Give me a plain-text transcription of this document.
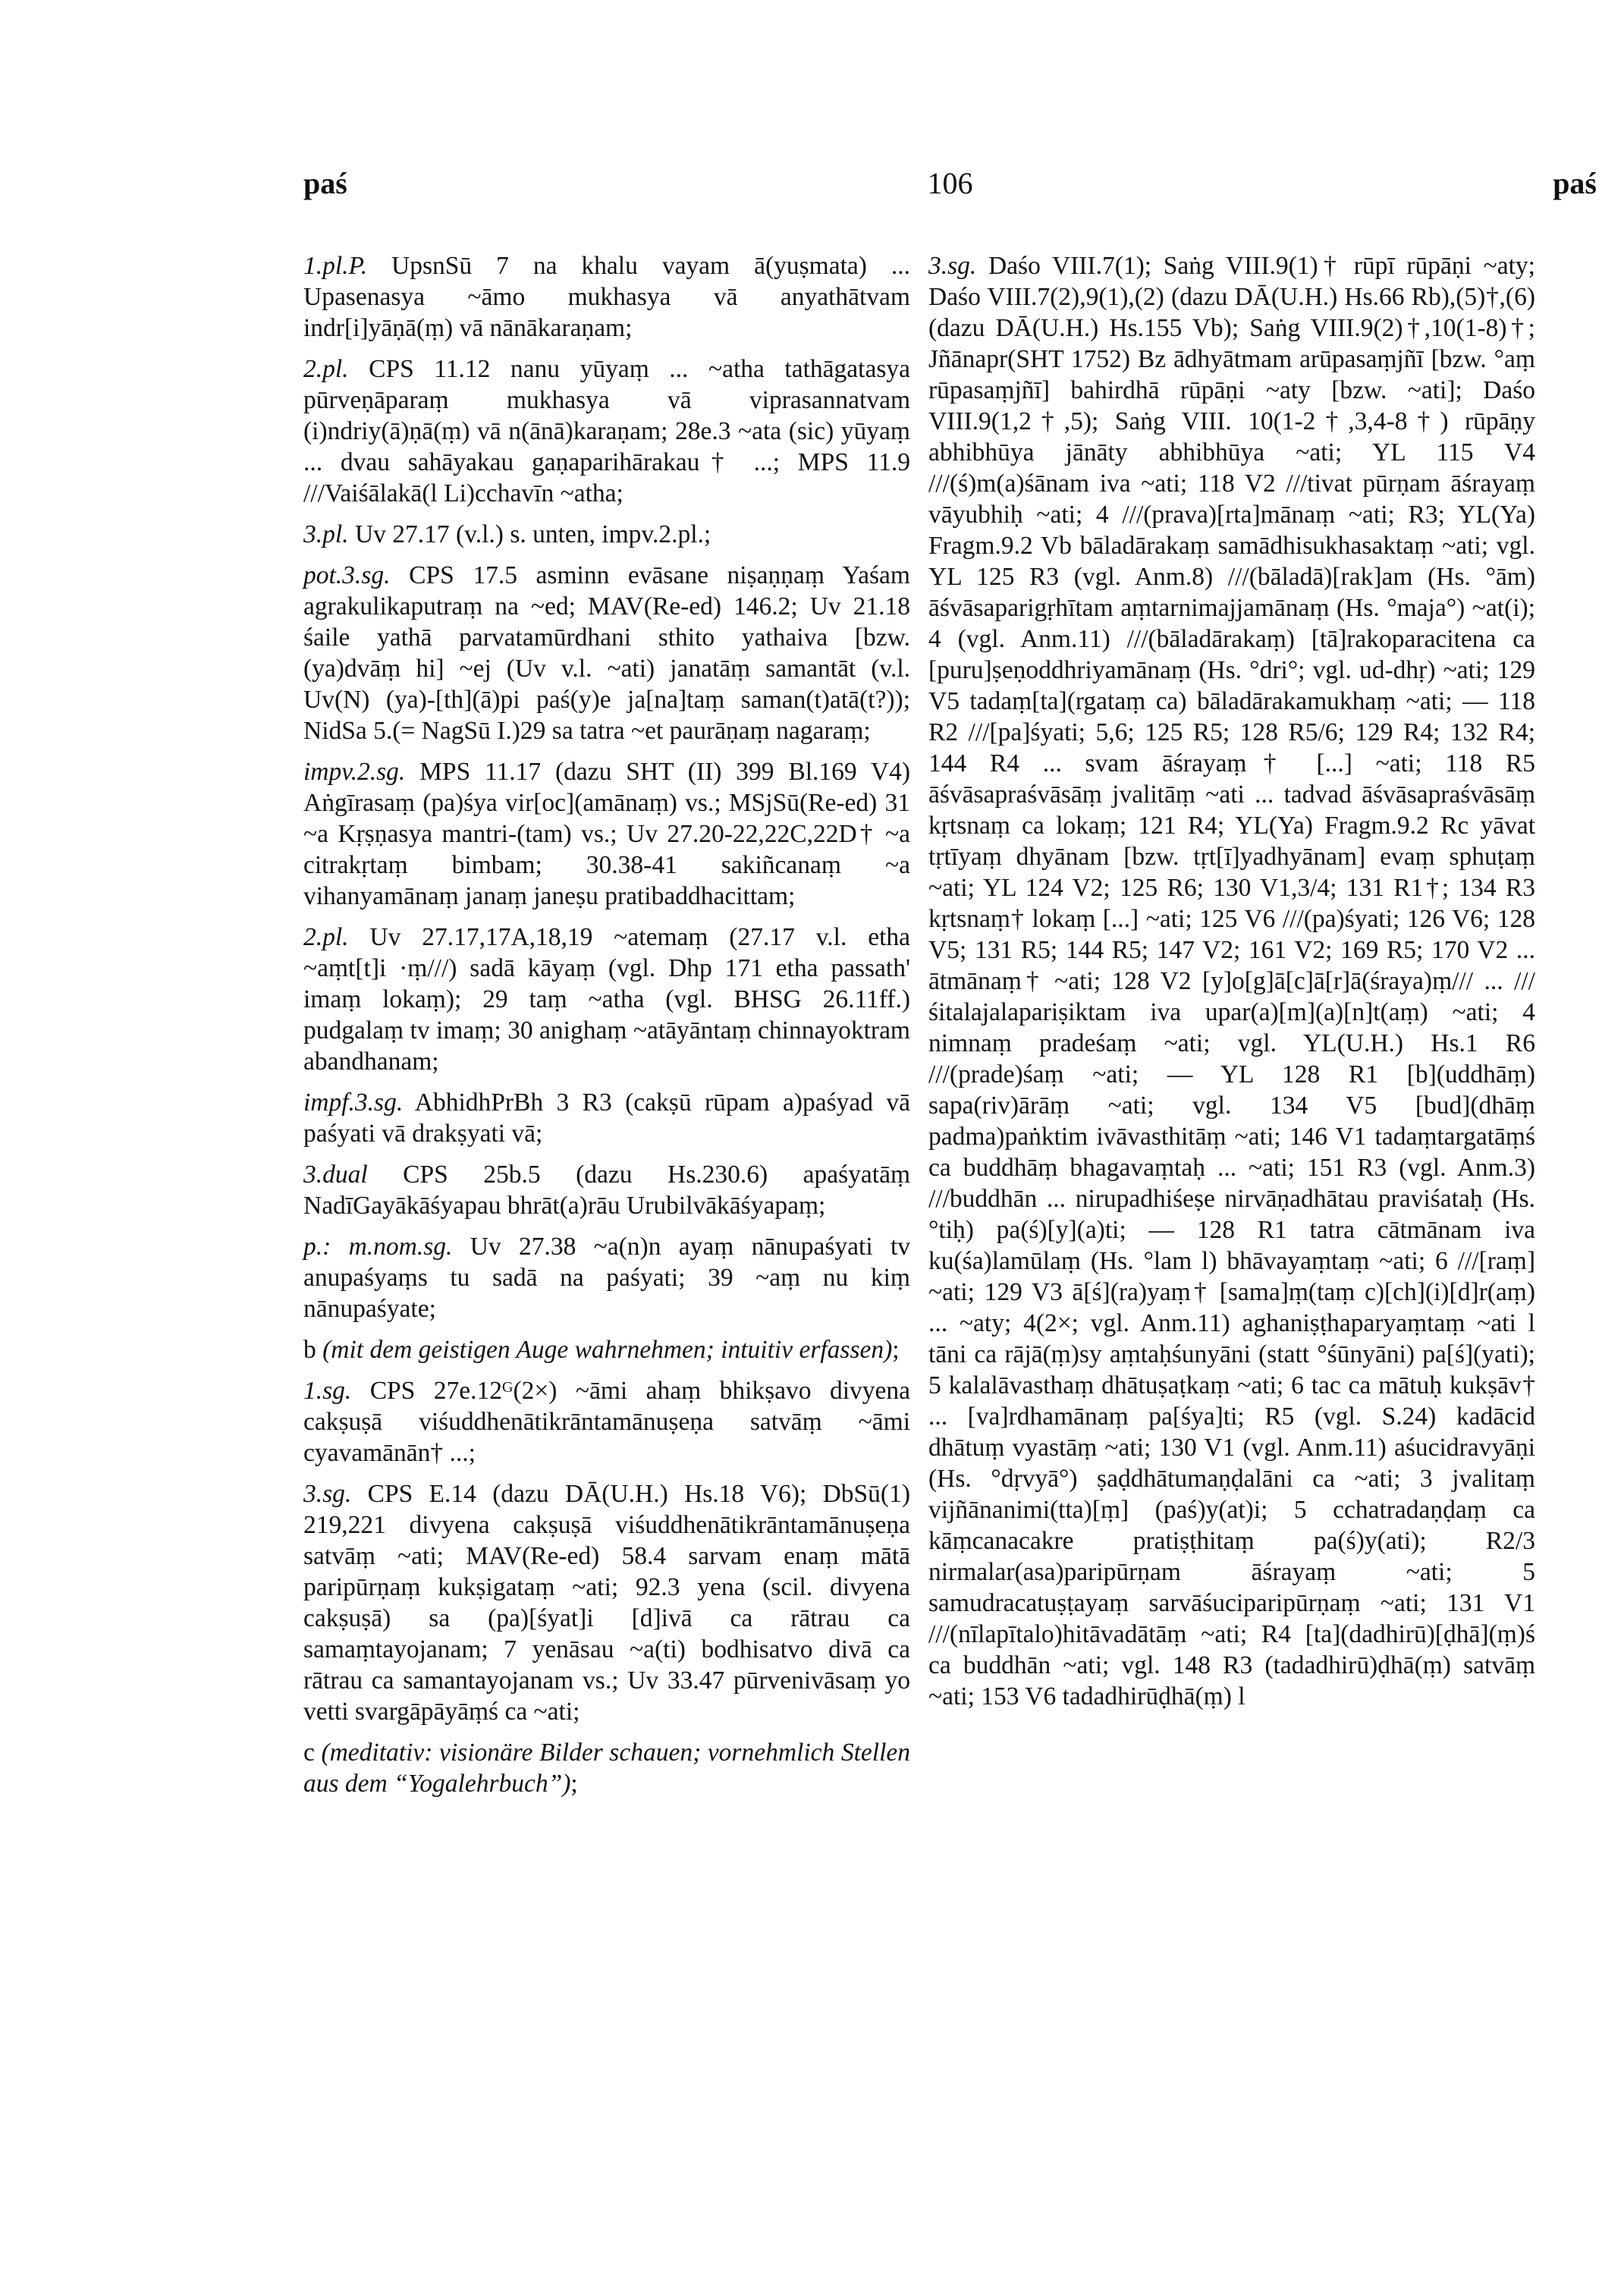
paś	106	paś

1.pl.P. UpsnSū 7 na khalu vayam ā(yuṣmata) ... Upasenasya ~āmo mukhasya vā anyathātvam indr[i]yāṇā(ṃ) vā nānākaraṇam;

2.pl. CPS 11.12 nanu yūyaṃ ... ~atha tathāgatasya pūrveṇāparaṃ mukhasya vā viprasannatvam (i)ndriy(ā)ṇā(ṃ) vā n(ānā)karaṇam; 28e.3 ~ata (sic) yūyaṃ ... dvau sahāyakau gaṇaparihārakau† ...; MPS 11.9 ///Vaiśālakā(l Li)cchavīn ~atha;

3.pl. Uv 27.17 (v.l.) s. unten, impv.2.pl.;

pot.3.sg. CPS 17.5 asminn evāsane niṣaṇṇaṃ Yaśam agrakulikaputraṃ na ~ed; MAV(Re-ed) 146.2; Uv 21.18 śaile yathā parvatamūrdhani sthito yathaiva [bzw. (ya)dvāṃ hi] ~ej (Uv v.l. ~ati) janatāṃ samantāt (v.l. Uv(N) (ya)-[th](ā)pi paś(y)e ja[na]taṃ saman(t)atā(t?)); NidSa 5.(= NagSū I.)29 sa tatra ~et paurāṇaṃ nagaraṃ;

impv.2.sg. MPS 11.17 (dazu SHT (II) 399 Bl.169 V4) Aṅgīrasaṃ (pa)śya vir[oc](amānaṃ) vs.; MSjSū(Re-ed) 31 ~a Kṛṣṇasya mantri-(tam) vs.; Uv 27.20-22,22C,22D† ~a citrakṛtaṃ bimbam; 30.38-41 sakiñcanaṃ ~a vihanyamānaṃ janaṃ janeṣu pratibaddhacittam;

2.pl. Uv 27.17,17A,18,19 ~atemaṃ (27.17 v.l. etha ~aṃt[t]i ·ṃ///) sadā kāyaṃ (vgl. Dhp 171 etha passath' imaṃ lokaṃ); 29 taṃ ~atha (vgl. BHSG 26.11ff.) pudgalaṃ tv imaṃ; 30 anighaṃ ~atāyāntaṃ chinnayoktram abandhanam;

impf.3.sg. AbhidhPrBh 3 R3 (cakṣū rūpam a)paśyad vā paśyati vā drakṣyati vā;

3.dual CPS 25b.5 (dazu Hs.230.6) apaśyatāṃ NadīGayākāśyapau bhrāt(a)rāu Urubilvākāśyapaṃ;

p.: m.nom.sg. Uv 27.38 ~a(n)n ayaṃ nānupaśyati tv anupaśyaṃs tu sadā na paśyati; 39 ~aṃ nu kiṃ nānupaśyate;

b (mit dem geistigen Auge wahrnehmen; intuitiv erfassen);

1.sg. CPS 27e.12ᴳ(2×) ~āmi ahaṃ bhikṣavo divyena cakṣuṣā viśuddhenātikrāntamānuṣeṇa satvāṃ ~āmi cyavamānān† ...;

3.sg. CPS E.14 (dazu DĀ(U.H.) Hs.18 V6); DbSū(1) 219,221 divyena cakṣuṣā viśuddhenātikrāntamānuṣeṇa satvāṃ ~ati; MAV(Re-ed) 58.4 sarvam enaṃ mātā paripūrṇaṃ kukṣigataṃ ~ati; 92.3 yena (scil. divyena cakṣuṣā) sa (pa)[śyat]i [d]ivā ca rātrau ca samaṃtayojanam; 7 yenāsau ~a(ti) bodhisatvo divā ca rātrau ca samantayojanam vs.; Uv 33.47 pūrvenivāsaṃ yo vetti svargāpāyāṃś ca ~ati;

c (meditativ: visionäre Bilder schauen; vornehmlich Stellen aus dem “Yogalehrbuch”);

3.sg. Daśo VIII.7(1); Saṅg VIII.9(1)† rūpī rūpāṇi ~aty; Daśo VIII.7(2),9(1),(2) (dazu DĀ(U.H.) Hs.66 Rb),(5)†,(6) (dazu DĀ(U.H.) Hs.155 Vb); Saṅg VIII.9(2)†,10(1-8)†; Jñānapr(SHT 1752) Bz ādhyātmam arūpasaṃjñī [bzw. °aṃ rūpasaṃjñī] bahirdhā rūpāṇi ~aty [bzw. ~ati]; Daśo VIII.9(1,2†,5); Saṅg VIII. 10(1-2†,3,4-8†) rūpāṇy abhibhūya jānāty abhibhūya ~ati; YL 115 V4 ///(ś)m(a)śānam iva ~ati; 118 V2 ///tivat pūrṇam āśrayaṃ vāyubhiḥ ~ati; 4 ///(prava)[rta]mānaṃ ~ati; R3; YL(Ya) Fragm.9.2 Vb bāladārakaṃ samādhisukhasaktaṃ ~ati; vgl. YL 125 R3 (vgl. Anm.8) ///(bāladā)[rak]am (Hs. °ām) āśvāsaparigṛhītam aṃtarnimajjamānaṃ (Hs. °maja°) ~at(i); 4 (vgl. Anm.11) ///(bāladārakaṃ) [tā]rakoparacitena ca [puru]ṣeṇoddhriyamānaṃ (Hs. °dri°; vgl. ud-dhṛ) ~ati; 129 V5 tadaṃ[ta](rgataṃ ca) bāladārakamukhaṃ ~ati; — 118 R2 ///[pa]śyati; 5,6; 125 R5; 128 R5/6; 129 R4; 132 R4; 144 R4 ... svam āśrayaṃ† [...] ~ati; 118 R5 āśvāsapraśvāsāṃ jvalitāṃ ~ati ... tadvad āśvāsapraśvāsāṃ kṛtsnaṃ ca lokaṃ; 121 R4; YL(Ya) Fragm.9.2 Rc yāvat tṛtīyaṃ dhyānam [bzw. tṛt[ī]yadhyānam] evaṃ sphuṭaṃ ~ati; YL 124 V2; 125 R6; 130 V1,3/4; 131 R1†; 134 R3 kṛtsnaṃ† lokaṃ [...] ~ati; 125 V6 ///(pa)śyati; 126 V6; 128 V5; 131 R5; 144 R5; 147 V2; 161 V2; 169 R5; 170 V2 ... ātmānaṃ† ~ati; 128 V2 [y]o[g]ā[c]ā[r]ā(śraya)ṃ/// ... ///śitalajalapariṣiktam iva upar(a)[m](a)[n]t(aṃ) ~ati; 4 nimnaṃ pradeśaṃ ~ati; vgl. YL(U.H.) Hs.1 R6 ///(prade)śaṃ ~ati; — YL 128 R1 [b](uddhāṃ) sapa(riv)ārāṃ ~ati; vgl. 134 V5 [bud](dhāṃ padma)paṅktim ivāvasthitāṃ ~ati; 146 V1 tadaṃtargatāṃś ca buddhāṃ bhagavaṃtaḥ ... ~ati; 151 R3 (vgl. Anm.3) ///buddhān ... nirupadhiśeṣe nirvāṇadhātau praviśataḥ (Hs. °tiḥ) pa(ś)[y](a)ti; — 128 R1 tatra cātmānam iva ku(śa)lamūlaṃ (Hs. °lam l) bhāvayaṃtaṃ ~ati; 6 ///[raṃ] ~ati; 129 V3 ā[ś](ra)yaṃ† [sama]ṃ(taṃ c)[ch](i)[d]r(aṃ) ... ~aty; 4(2×; vgl. Anm.11) aghaniṣṭhaparyaṃtaṃ ~ati l tāni ca rājā(ṃ)sy aṃtaḥśunyāni (statt °śūnyāni) pa[ś](yati); 5 kalalāvasthaṃ dhātuṣaṭkaṃ ~ati; 6 tac ca mātuḥ kukṣāv† ... [va]rdhamānaṃ pa[śya]ti; R5 (vgl. S.24) kadācid dhātuṃ vyastāṃ ~ati; 130 V1 (vgl. Anm.11) aśucidravyāṇi (Hs. °dṛvyā°) ṣaḍdhātumaṇḍalāni ca ~ati; 3 jvalitaṃ vijñānanimi(tta)[ṃ] (paś)y(at)i; 5 cchatradaṇḍaṃ ca kāṃcanacakre pratiṣṭhitaṃ pa(ś)y(ati); R2/3 nirmalar(asa)paripūrṇam āśrayaṃ ~ati; 5 samudracatuṣṭayaṃ sarvāśuciparipūrṇaṃ ~ati; 131 V1 ///(nīlapītalo)hitāvadātāṃ ~ati; R4 [ta](dadhirū)[ḍhā](ṃ)ś ca buddhān ~ati; vgl. 148 R3 (tadadhirū)ḍhā(ṃ) satvāṃ ~ati; 153 V6 tadadhirūḍhā(ṃ) l
